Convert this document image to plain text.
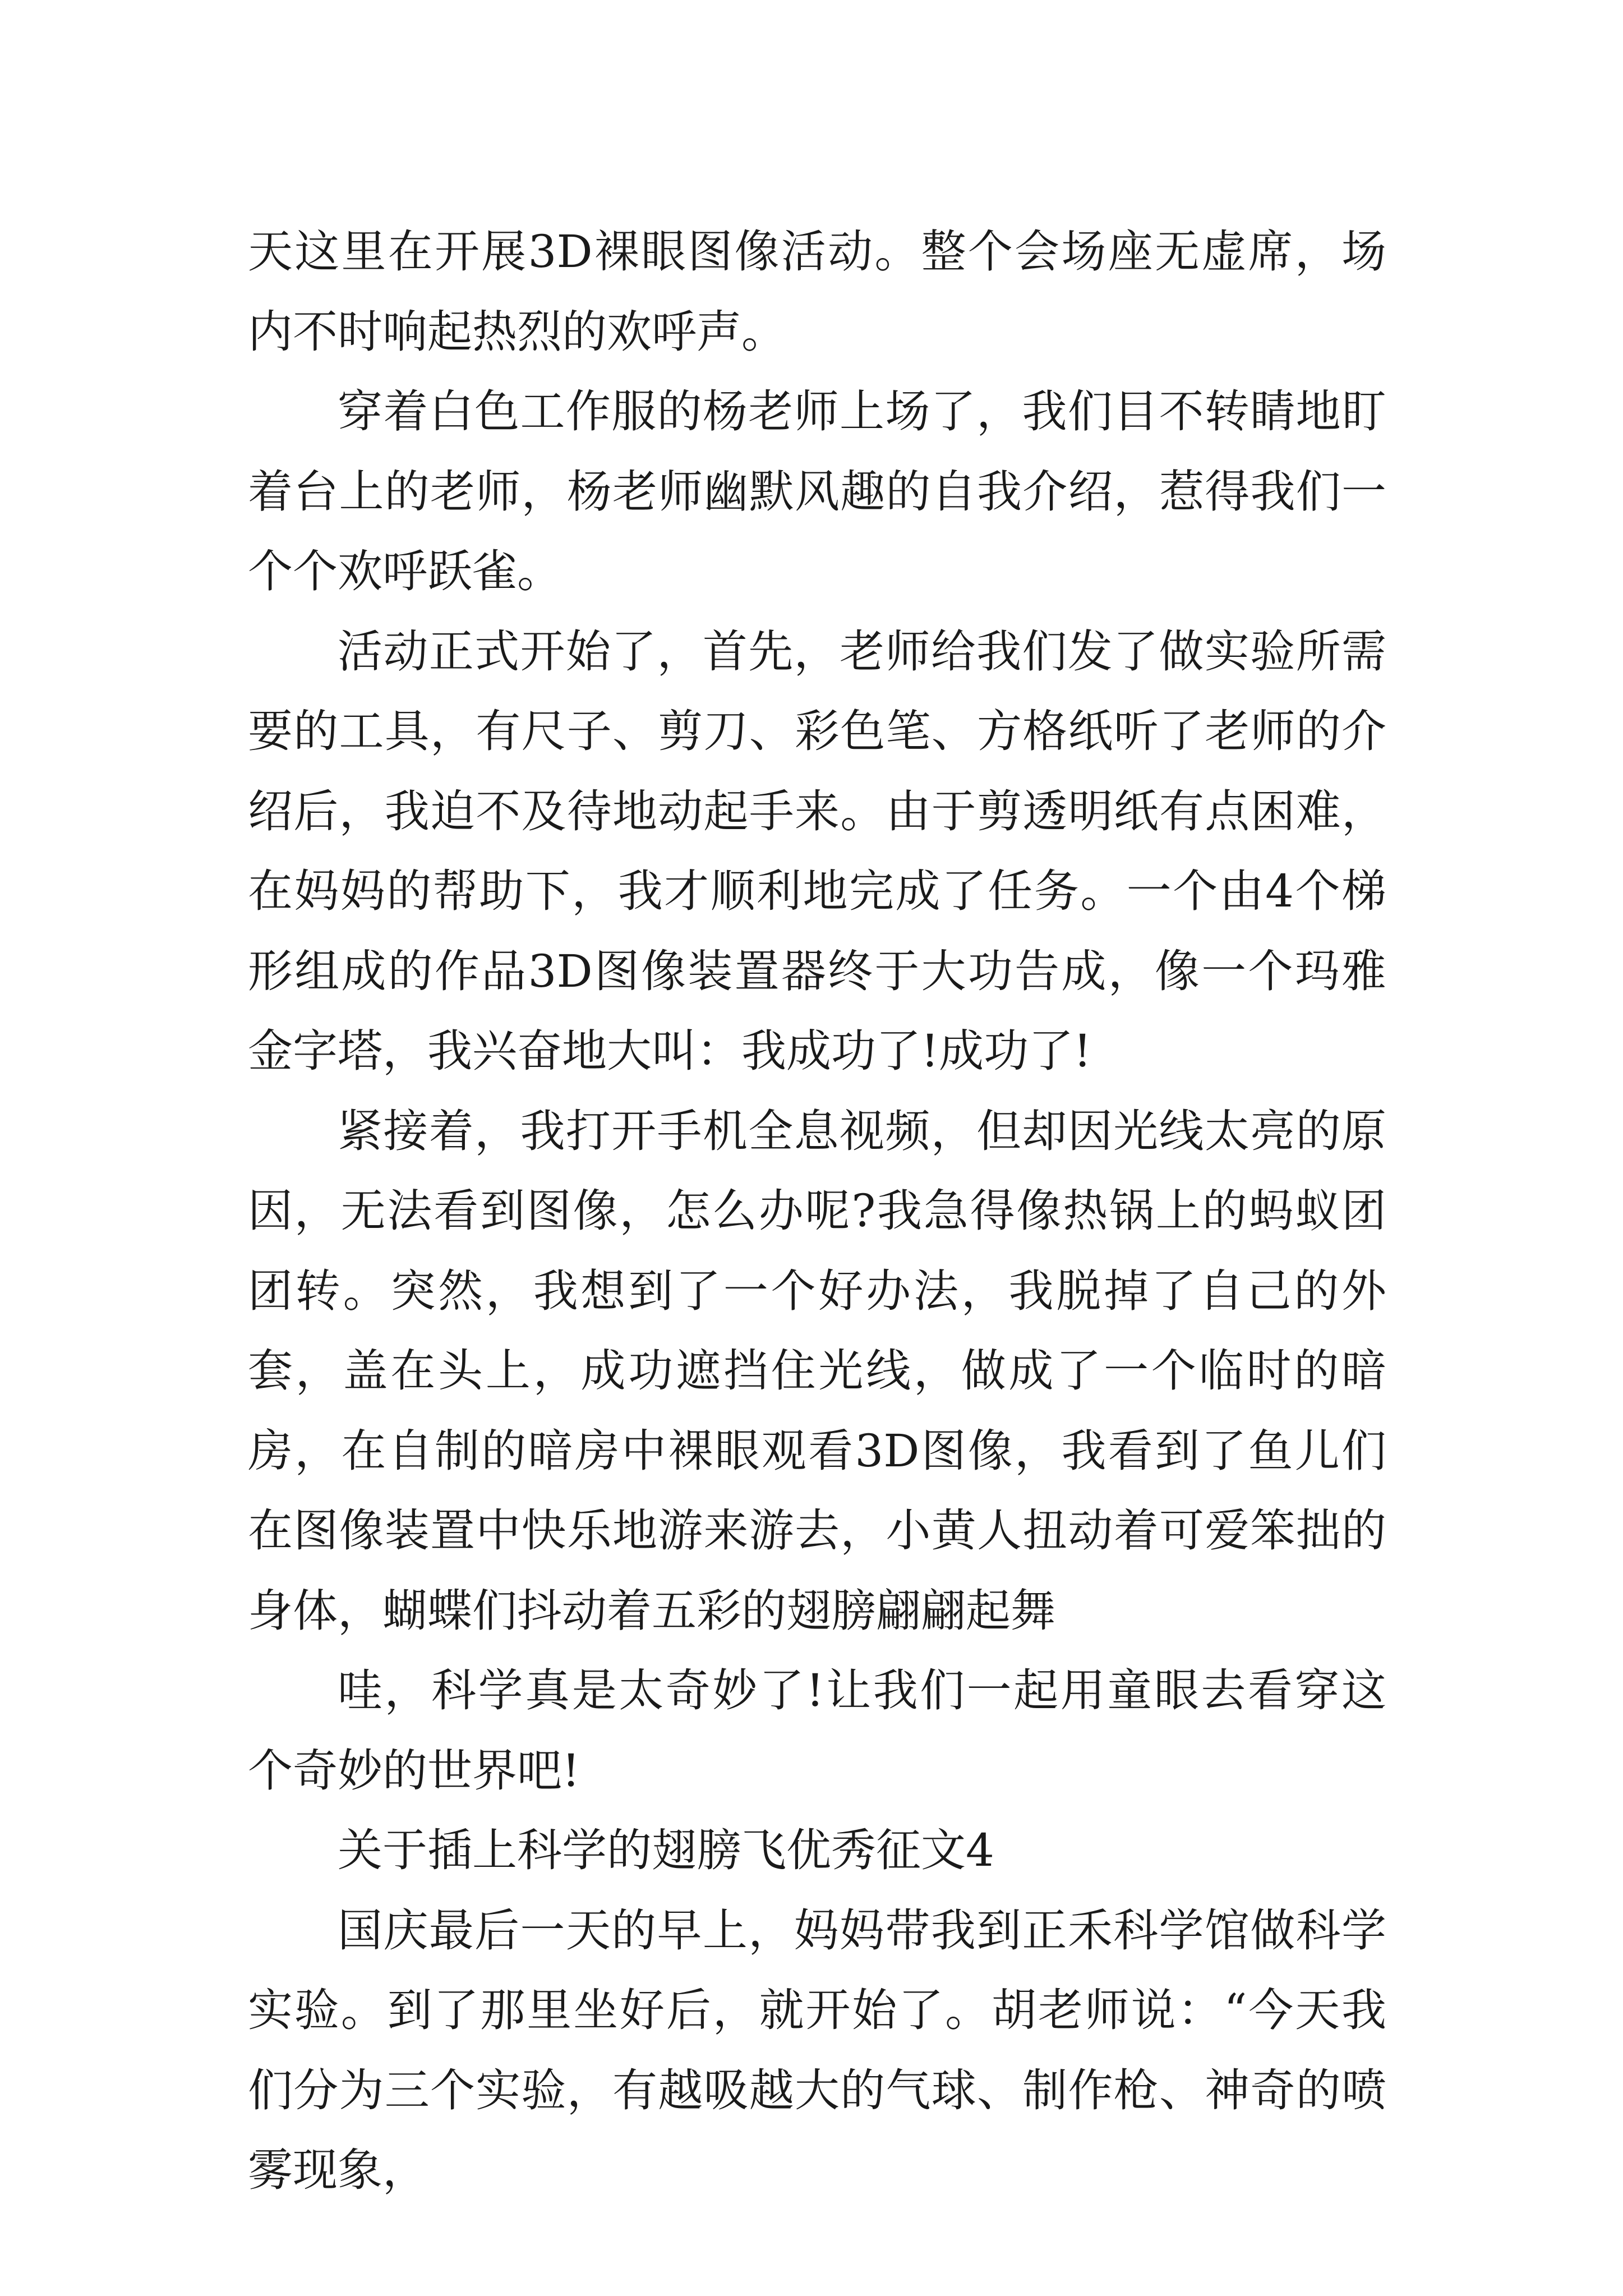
天这里在开展3D裸眼图像活动。整个会场座无虚席，场内不时响起热烈的欢呼声。

穿着白色工作服的杨老师上场了，我们目不转睛地盯着台上的老师，杨老师幽默风趣的自我介绍，惹得我们一个个欢呼跃雀。

活动正式开始了，首先，老师给我们发了做实验所需要的工具，有尺子、剪刀、彩色笔、方格纸听了老师的介绍后，我迫不及待地动起手来。由于剪透明纸有点困难，在妈妈的帮助下，我才顺利地完成了任务。一个由4个梯形组成的作品3D图像装置器终于大功告成，像一个玛雅金字塔，我兴奋地大叫：我成功了!成功了!

紧接着，我打开手机全息视频，但却因光线太亮的原因，无法看到图像，怎么办呢?我急得像热锅上的蚂蚁团团转。突然，我想到了一个好办法，我脱掉了自己的外套，盖在头上，成功遮挡住光线，做成了一个临时的暗房，在自制的暗房中裸眼观看3D图像，我看到了鱼儿们在图像装置中快乐地游来游去，小黄人扭动着可爱笨拙的身体，蝴蝶们抖动着五彩的翅膀翩翩起舞

哇，科学真是太奇妙了!让我们一起用童眼去看穿这个奇妙的世界吧!

关于插上科学的翅膀飞优秀征文4

国庆最后一天的早上，妈妈带我到正禾科学馆做科学实验。到了那里坐好后，就开始了。胡老师说：“今天我们分为三个实验，有越吸越大的气球、制作枪、神奇的喷雾现象，
